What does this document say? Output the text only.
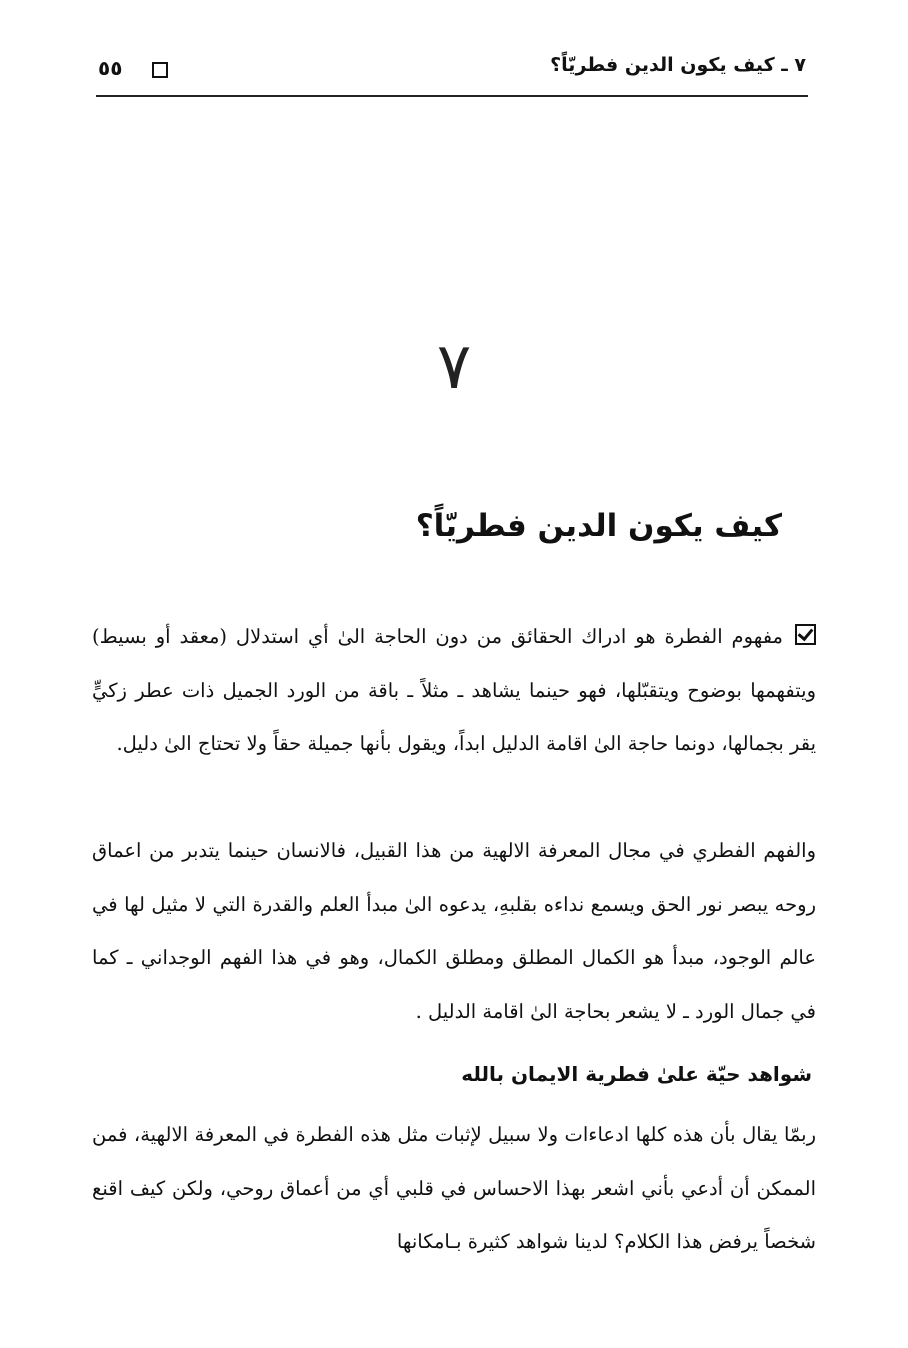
٧ ـ كيف يكون الدين فطريّاً؟
٥٥
٧
كيف يكون الدين فطريّاً؟
مفهوم الفطرة هو ادراك الحقائق من دون الحاجة الىٰ أي استدلال (معقد أو بسيط) ويتفهمها بوضوح ويتقبّلها، فهو حينما يشاهد ـ مثلاً ـ باقة من الورد الجميل ذات عطر زكيٍّ يقر بجمالها، دونما حاجة الىٰ اقامة الدليل ابداً، ويقول بأنها جميلة حقاً ولا تحتاج الىٰ دليل.
والفهم الفطري في مجال المعرفة الالهية من هذا القبيل، فالانسان حينما يتدبر من اعماق روحه يبصر نور الحق ويسمع نداءه بقلبهِ، يدعوه الىٰ مبدأ العلم والقدرة التي لا مثيل لها في عالم الوجود، مبدأ هو الكمال المطلق ومطلق الكمال، وهو في هذا الفهم الوجداني ـ كما في جمال الورد ـ لا يشعر بحاجة الىٰ اقامة الدليل .
شواهد حيّة علىٰ فطرية الايمان بالله
ربمّا يقال بأن هذه كلها ادعاءات ولا سبيل لإثبات مثل هذه الفطرة في المعرفة الالهية، فمن الممكن أن أدعي بأني اشعر بهذا الاحساس في قلبي أي من أعماق روحي، ولكن كيف اقنع شخصاً يرفض هذا الكلام؟ لدينا شواهد كثيرة بـامكانها
